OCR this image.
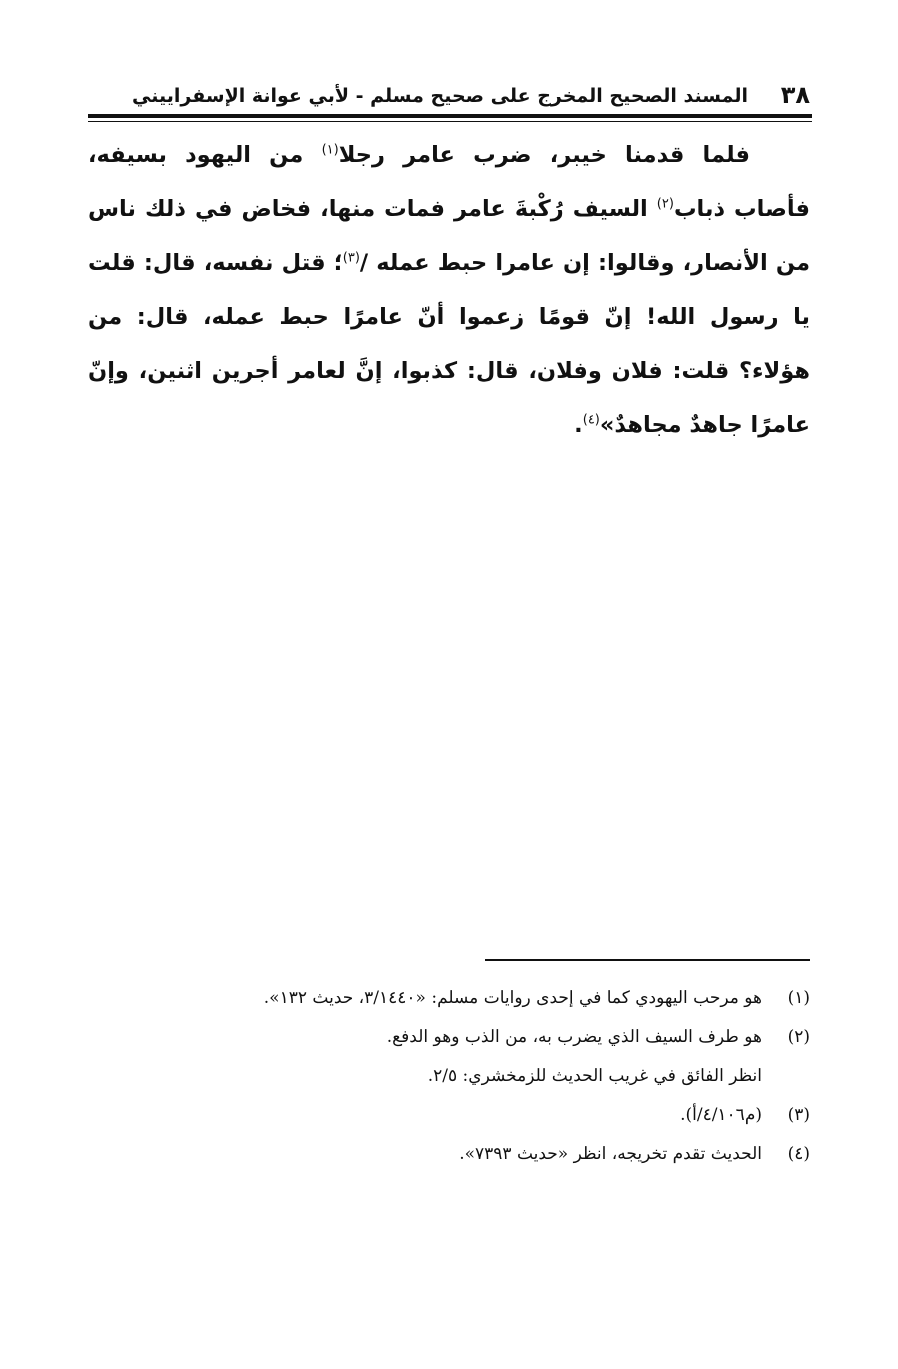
٣٨
المسند الصحيح المخرج على صحيح مسلم - لأبي عوانة الإسفراييني
فلما قدمنا خيبر، ضرب عامر رجلا$^{(١)}$ من اليهود بسيفه، فأصاب ذباب$^{(٢)}$ السيف رُكْبةَ عامر فمات منها، فخاض في ذلك ناس من الأنصار، وقالوا: إن عامرا حبط عمله /$^{(٣)}$؛ قتل نفسه، قال: قلت يا رسول الله! إنّ قومًا زعموا أنّ عامرًا حبط عمله، قال: من هؤلاء؟ قلت: فلان وفلان، قال: كذبوا، إنَّ لعامر أجرين اثنين، وإنّ عامرًا جاهدٌ مجاهدٌ»$^{(٤)}$.
(١)
هو مرحب اليهودي كما في إحدى روايات مسلم: «٣/١٤٤٠، حديث ١٣٢».
(٢)
هو طرف السيف الذي يضرب به، من الذب وهو الدفع.
انظر الفائق في غريب الحديث للزمخشري: ٢/٥.
(٣)
(م٤/١٠٦/أ).
(٤)
الحديث تقدم تخريجه، انظر «حديث ٧٣٩٣».
